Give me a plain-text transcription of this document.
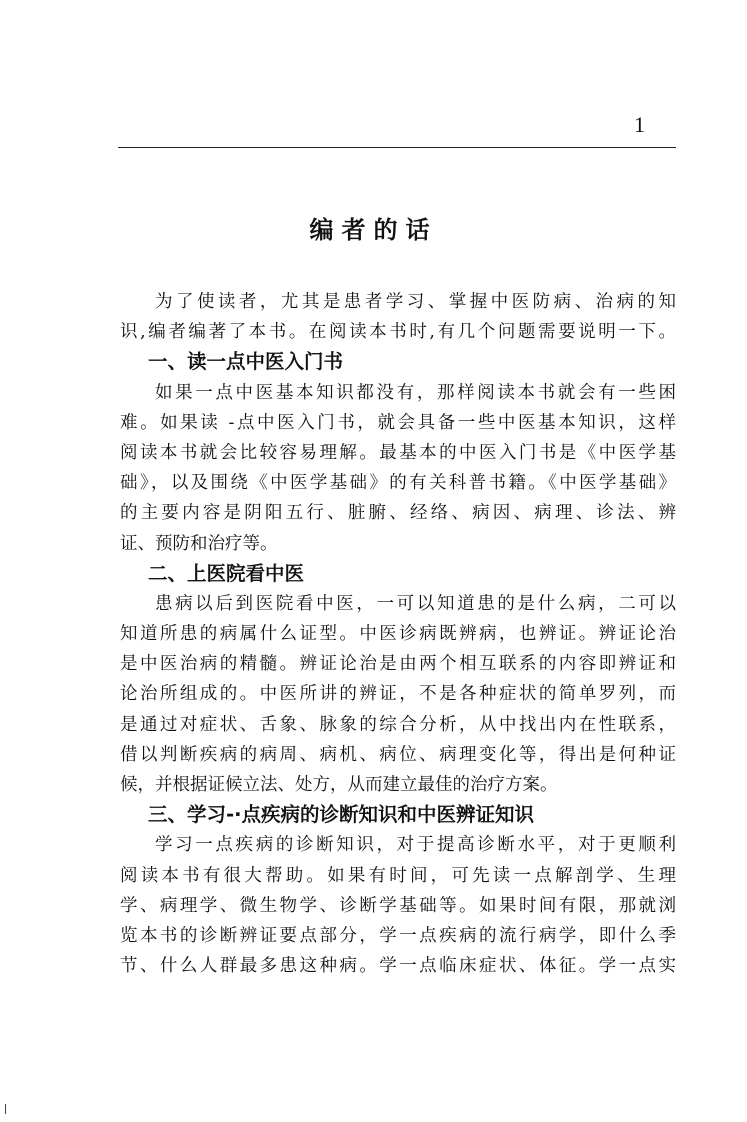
1
编者的话
为了使读者，尤其是患者学习、掌握中医防病、治病的知
识,编者编著了本书。在阅读本书时,有几个问题需要说明一下。
一、读一点中医入门书
如果一点中医基本知识都没有，那样阅读本书就会有一些困
难。如果读 -点中医入门书，就会具备一些中医基本知识，这样
阅读本书就会比较容易理解。最基本的中医入门书是《中医学基
础》，以及围绕《中医学基础》的有关科普书籍。《中医学基础》
的主要内容是阴阳五行、脏腑、经络、病因、病理、诊法、辨
证、预防和治疗等。
二、上医院看中医
患病以后到医院看中医，一可以知道患的是什么病，二可以
知道所患的病属什么证型。中医诊病既辨病，也辨证。辨证论治
是中医治病的精髓。辨证论治是由两个相互联系的内容即辨证和
论治所组成的。中医所讲的辨证，不是各种症状的简单罗列，而
是通过对症状、舌象、脉象的综合分析，从中找出内在性联系，
借以判断疾病的病周、病机、病位、病理变化等，得出是何种证
候，并根据证候立法、处方，从而建立最佳的治疗方案。
三、学习-·点疾病的诊断知识和中医辨证知识
学习一点疾病的诊断知识，对于提高诊断水平，对于更顺利
阅读本书有很大帮助。如果有时间，可先读一点解剖学、生理
学、病理学、微生物学、诊断学基础等。如果时间有限，那就浏
览本书的诊断辨证要点部分，学一点疾病的流行病学，即什么季
节、什么人群最多患这种病。学一点临床症状、体征。学一点实
